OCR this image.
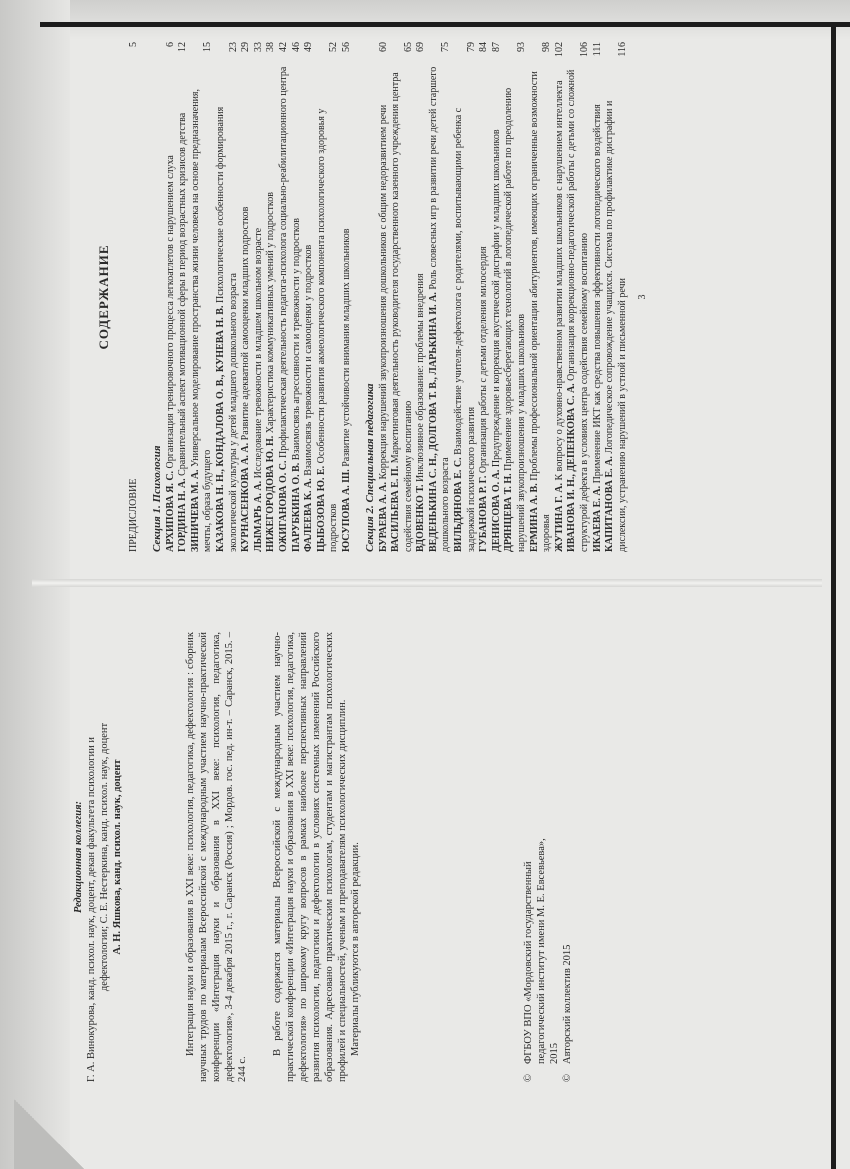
Редакционная коллегия: Г. А. Винокурова, канд. психол. наук, доцент, декан факультета психологии и дефектологии; С. Е. Нестеркина, канд. психол. наук, доцент А. Н. Яшкова, канд. психол. наук, доцент	Интеграция науки и образования в XXI веке: психология, педагогика, дефектология : сборник научных трудов по материалам Всероссийской с международным участием научно-практической конференции «Интеграция науки и образования в XXI веке: психология, педагогика, дефектология», 3-4 декабря 2015 г., г. Саранск (Россия) ; Мордов. гос. пед. ин-т. – Саранск, 2015. – 244 с.
В работе содержатся материалы Всероссийской с международным участием научно-практической конференции «Интеграция науки и образования в XXI веке: психология, педагогика, дефектология» по широкому кругу вопросов в рамках наиболее перспективных направлений развития психологии, педагогики и дефектологии в условиях системных изменений Российского образования. Адресовано практическим психологам, студентам и магистрантам психологических профилей и специальностей, ученым и преподавателям психологических дисциплин. Материалы публикуются в авторской редакции.
©
ФГБОУ ВПО «Мордовский государственный педагогический институт имени М. Е. Евсевьева», 2015
©
Авторский коллектив 2015
СОДЕРЖАНИЕ
ПРЕДИСЛОВИЕ
5
Секция 1. Психология АРХИПОВА Я. С. Организация тренировочного процесса легкоатлетов с нарушением слуха
6
ГОРДИНА Н. А. Сравнительный аспект мотивационной сферы в период возрастных кризисов детства
12
ЗИНИЧЕВА М. А. Универсальное моделирование пространства жизни человека на основе предназначения, мечты, образа будущего
15
КАЗАКОВА Н. Н., КОНДАЛОВА О. В., КУНЕВА Н. В. Психологические особенности формирования экологической культуры у детей младшего дошкольного возраста
23
КУРНАСЕНКОВА А. А. Развитие адекватной самооценки младших подростков
29
ЛЫМАРЬ А. А. Исследование тревожности в младшем школьном возрасте
33
НИЖЕГОРОДОВА Ю. Н. Характеристика коммуникативных умений у подростков
38
ОЖИГАНОВА О. С. Профилактическая деятельность педагога-психолога социально-реабилитационного центра
42
ПАРУБКИНА О. В. Взаимосвязь агрессивности и тревожности у подростков
46
ФАЛЕЕВА К. А. Взаимосвязь тревожности и самооценки у подростков
49
ЦЫБОЗОВА Ю. Е. Особенности развития акмеологического компонента психологического здоровья у подростков
52
ЮСУПОВА А. Ш. Развитие устойчивости внимания младших школьников
56
Секция 2. Специальная педагогика БУРАЕВА А. А. Коррекция нарушений звукопроизношения дошкольников с общим недоразвитием речи
60
ВАСИЛЬЕВА Е. П. Маркетинговая деятельность руководителя государственного казенного учреждения центра содействия семейному воспитанию
65
ВДОВЕНКО Т. Инклюзивное образование: проблемы внедрения
69
ВЕДЕНЬКИНА С. Н., ДОЛГОВА Т. В., ЛАРЬКИНА И. А. Роль словесных игр в развитии речи детей старшего дошкольного возраста
75
ВИЛЬДЯНОВА Е. С. Взаимодействие учителя-дефектолога с родителями, воспитывающими ребенка с задержкой психического развития
79
ГУБАНОВА Р. Г. Организация работы с детьми отделения милосердия
84
ДЕНИСОВА О. А. Предупреждение и коррекция акустической дисграфии у младших школьников
87
ДРЯНЦЕВА Т. Н. Применение здоровьесберегающих технологий в логопедической работе по преодолению нарушений звукопроизношения у младших школьников
93
ЕРМИНА А. В. Проблемы профессиональной ориентации абитуриентов, имеющих ограниченные возможности здоровья
98
ЖУТИНА Г. А. К вопросу о духовно-нравственном развитии младших школьников с нарушением интеллекта
102
ИВАНОВА И. Н., ДЕПЕНКОВА С. А. Организация коррекционно-педагогической работы с детьми со сложной структурой дефекта в условиях центра содействия семейному воспитанию
106
ИКАЕВА Е. А. Применение ИКТ как средства повышения эффективности логопедического воздействия
111
КАПИТАНОВА Е. А. Логопедическое сопровождение учащихся. Система по профилактике дисграфии и дислексии, устранению нарушений в устной и письменной речи
116
3
